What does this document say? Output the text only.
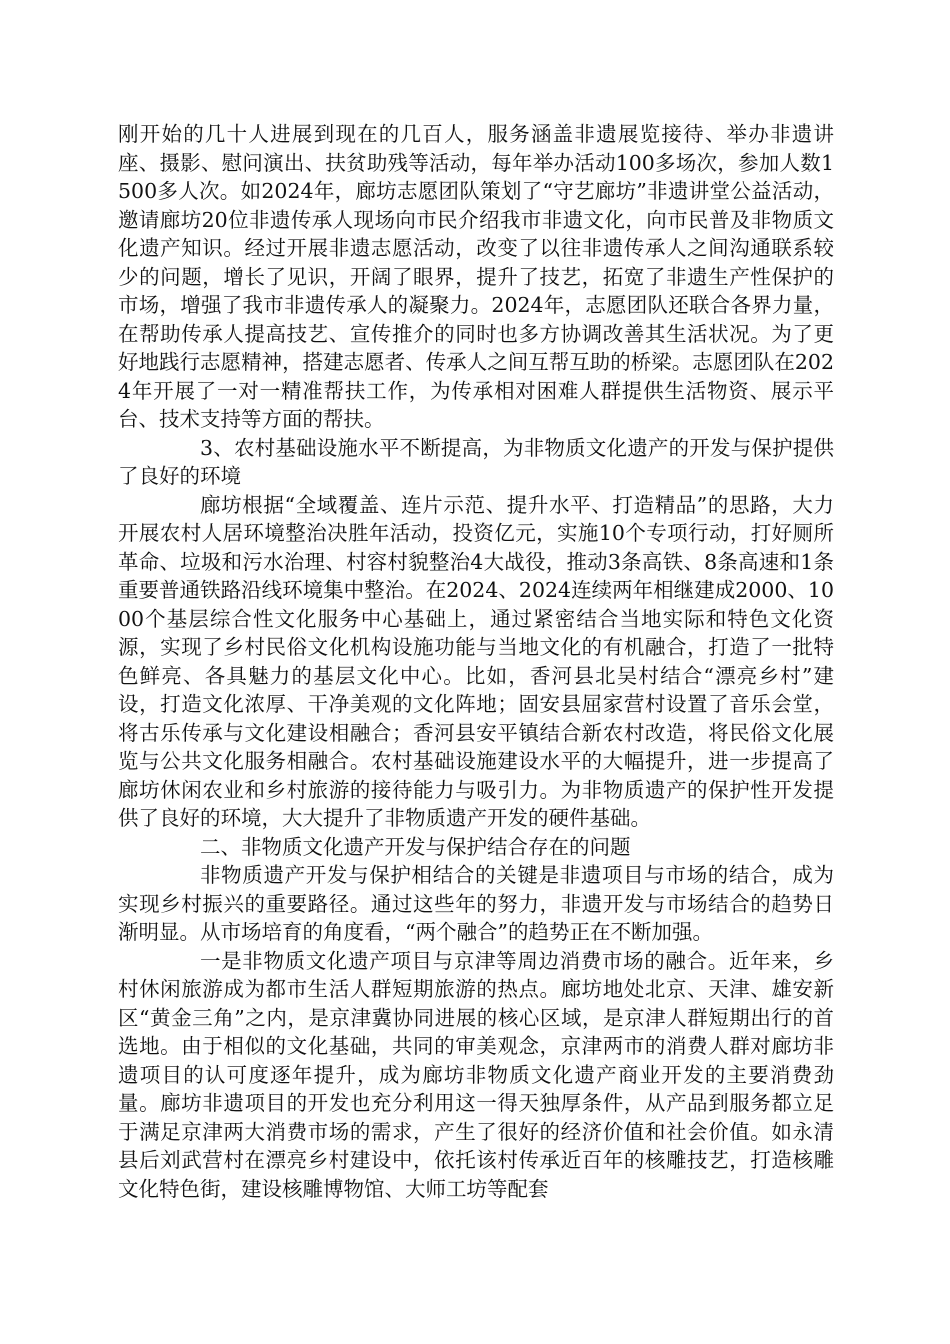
刚开始的几十人进展到现在的几百人，服务涵盖非遗展览接待、举办非遗讲座、摄影、慰问演出、扶贫助残等活动，每年举办活动100多场次，参加人数1500多人次。如2024年，廊坊志愿团队策划了“守艺廊坊”非遗讲堂公益活动，邀请廊坊20位非遗传承人现场向市民介绍我市非遗文化，向市民普及非物质文化遗产知识。经过开展非遗志愿活动，改变了以往非遗传承人之间沟通联系较少的问题，增长了见识，开阔了眼界，提升了技艺，拓宽了非遗生产性保护的市场，增强了我市非遗传承人的凝聚力。2024年，志愿团队还联合各界力量，在帮助传承人提高技艺、宣传推介的同时也多方协调改善其生活状况。为了更好地践行志愿精神，搭建志愿者、传承人之间互帮互助的桥梁。志愿团队在2024年开展了一对一精准帮扶工作，为传承相对困难人群提供生活物资、展示平台、技术支持等方面的帮扶。

3、农村基础设施水平不断提高，为非物质文化遗产的开发与保护提供了良好的环境

廊坊根据“全域覆盖、连片示范、提升水平、打造精品”的思路，大力开展农村人居环境整治决胜年活动，投资亿元，实施10个专项行动，打好厕所革命、垃圾和污水治理、村容村貌整治4大战役，推动3条高铁、8条高速和1条重要普通铁路沿线环境集中整治。在2024、2024连续两年相继建成2000、1000个基层综合性文化服务中心基础上，通过紧密结合当地实际和特色文化资源，实现了乡村民俗文化机构设施功能与当地文化的有机融合，打造了一批特色鲜亮、各具魅力的基层文化中心。比如，香河县北吴村结合“漂亮乡村”建设，打造文化浓厚、干净美观的文化阵地；固安县屈家营村设置了音乐会堂，将古乐传承与文化建设相融合；香河县安平镇结合新农村改造，将民俗文化展览与公共文化服务相融合。农村基础设施建设水平的大幅提升，进一步提高了廊坊休闲农业和乡村旅游的接待能力与吸引力。为非物质遗产的保护性开发提供了良好的环境，大大提升了非物质遗产开发的硬件基础。

二、非物质文化遗产开发与保护结合存在的问题

非物质遗产开发与保护相结合的关键是非遗项目与市场的结合，成为实现乡村振兴的重要路径。通过这些年的努力，非遗开发与市场结合的趋势日渐明显。从市场培育的角度看，“两个融合”的趋势正在不断加强。

一是非物质文化遗产项目与京津等周边消费市场的融合。近年来，乡村休闲旅游成为都市生活人群短期旅游的热点。廊坊地处北京、天津、雄安新区“黄金三角”之内，是京津冀协同进展的核心区域，是京津人群短期出行的首选地。由于相似的文化基础，共同的审美观念，京津两市的消费人群对廊坊非遗项目的认可度逐年提升，成为廊坊非物质文化遗产商业开发的主要消费劲量。廊坊非遗项目的开发也充分利用这一得天独厚条件，从产品到服务都立足于满足京津两大消费市场的需求，产生了很好的经济价值和社会价值。如永清县后刘武营村在漂亮乡村建设中，依托该村传承近百年的核雕技艺，打造核雕文化特色街，建设核雕博物馆、大师工坊等配套
